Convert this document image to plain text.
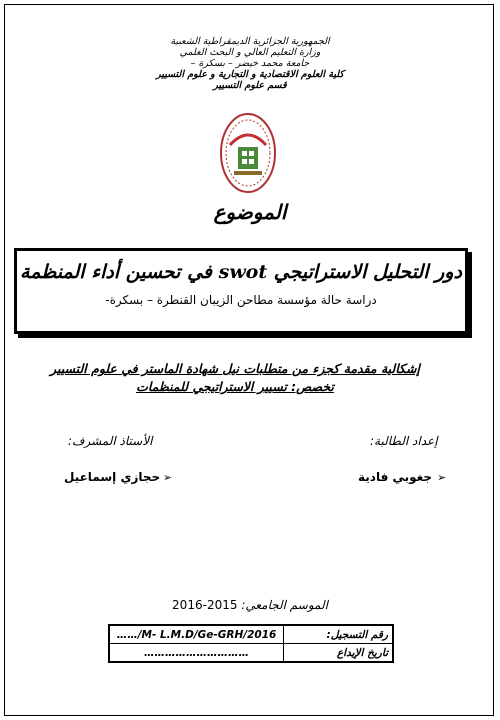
الجمهورية الجزائرية الديمقراطية الشعبية
وزارة التعليم العالي و البحث العلمي
جامعة محمد خيضر – بسكرة –
كلية العلوم الاقتصادية و التجارية و علوم التسيير
قسم علوم التسيير
الموضوع
دور التحليل الاستراتيجي swot في تحسين أداء المنظمة
دراسة حالة مؤسسة مطاحن الزيبان القنطرة – بسكرة-
إشكالية مقدمة كجزء من متطلبات نيل شهادة الماستر في علوم التسيير
تخصص: تسيير الاستراتيجي للمنظمات
إعداد الطالبة:
الأستاذ المشرف:
جغوبي فادية ➢
حجازي إسماعيل ➢
الموسم الجامعي: 2015-2016
……/M- L.M.D/Ge-GRH/2016	رقم التسجيل:
…………………………	تاريخ الإيداع
